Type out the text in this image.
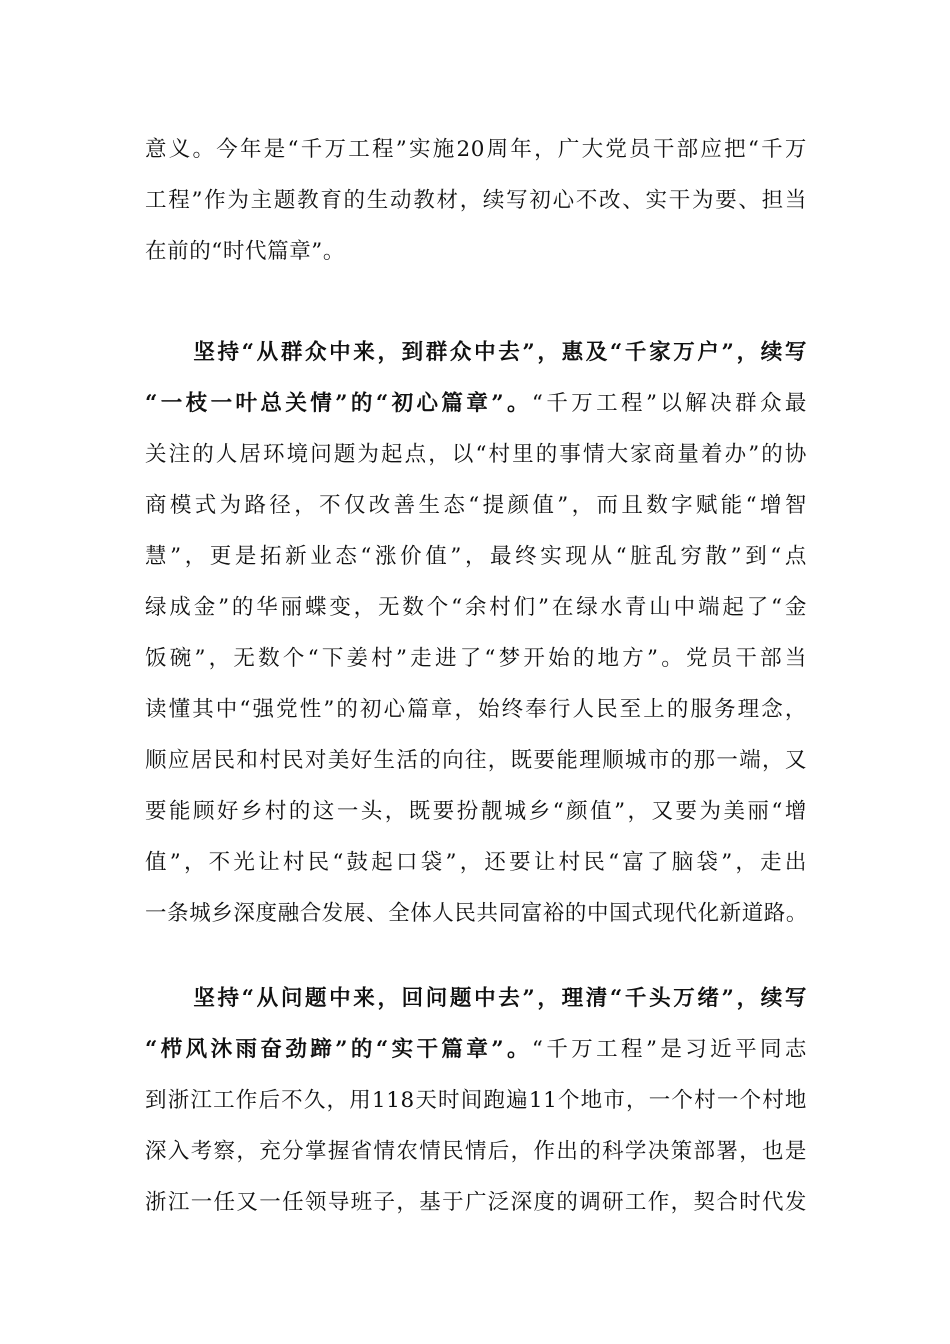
意义。今年是“千万工程”实施20周年，广大党员干部应把“千万
工程”作为主题教育的生动教材，续写初心不改、实干为要、担当
在前的“时代篇章”。
　　坚持“从群众中来，到群众中去”，惠及“千家万户”，续写
“一枝一叶总关情”的“初心篇章”。“千万工程”以解决群众最
关注的人居环境问题为起点，以“村里的事情大家商量着办”的协
商模式为路径，不仅改善生态“提颜值”，而且数字赋能“增智
慧”，更是拓新业态“涨价值”，最终实现从“脏乱穷散”到“点
绿成金”的华丽蝶变，无数个“余村们”在绿水青山中端起了“金
饭碗”，无数个“下姜村”走进了“梦开始的地方”。党员干部当
读懂其中“强党性”的初心篇章，始终奉行人民至上的服务理念，
顺应居民和村民对美好生活的向往，既要能理顺城市的那一端，又
要能顾好乡村的这一头，既要扮靓城乡“颜值”，又要为美丽“增
值”，不光让村民“鼓起口袋”，还要让村民“富了脑袋”，走出
一条城乡深度融合发展、全体人民共同富裕的中国式现代化新道路。
　　坚持“从问题中来，回问题中去”，理清“千头万绪”，续写
“栉风沐雨奋劲蹄”的“实干篇章”。“千万工程”是习近平同志
到浙江工作后不久，用118天时间跑遍11个地市，一个村一个村地
深入考察，充分掌握省情农情民情后，作出的科学决策部署，也是
浙江一任又一任领导班子，基于广泛深度的调研工作，契合时代发
